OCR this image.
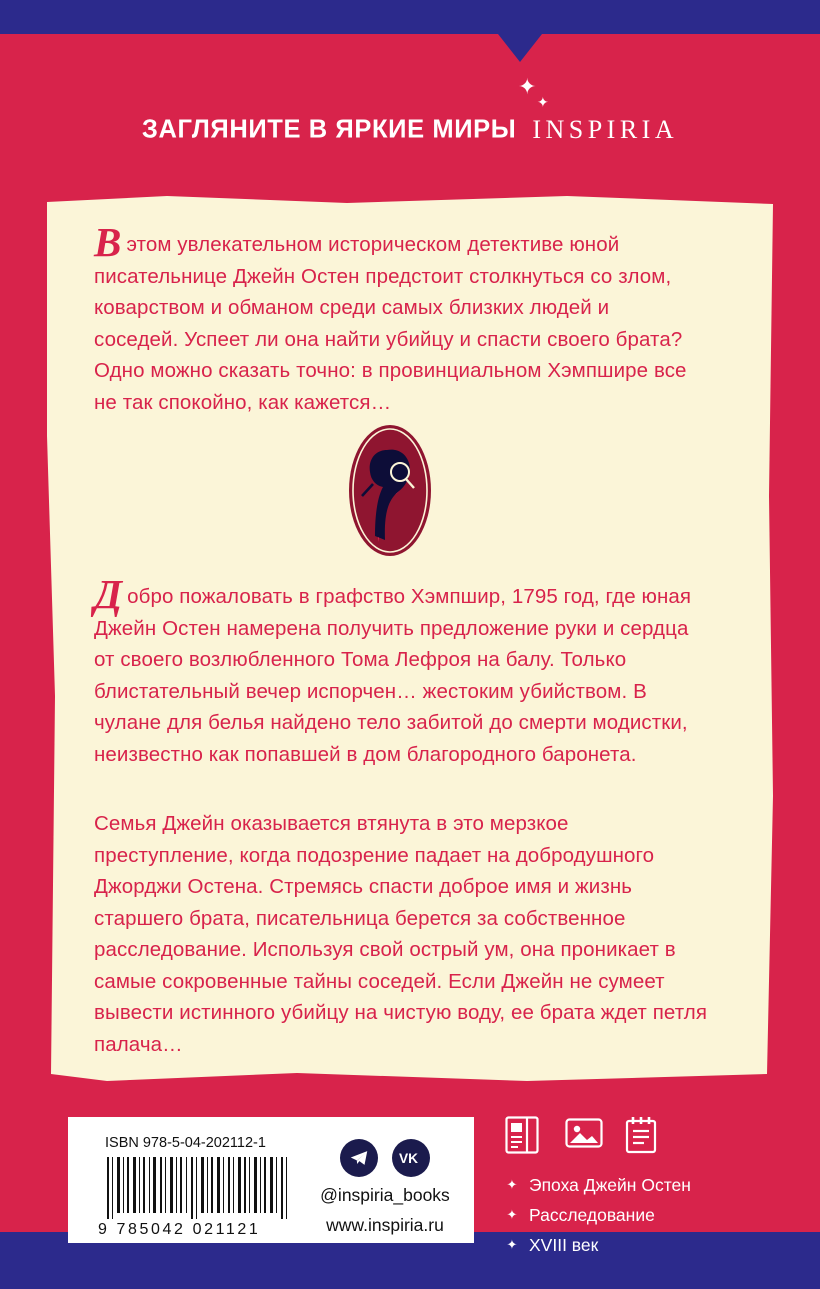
✦
✦
ЗАГЛЯНИТЕ В ЯРКИЕ МИРЫ INSPIRIA
В этом увлекательном историческом детективе юной писательнице Джейн Остен предстоит столкнуться со злом, коварством и обманом среди самых близких людей и соседей. Успеет ли она найти убийцу и спасти своего брата? Одно можно сказать точно: в провинциальном Хэмпшире все не так спокойно, как кажется…
Добро пожаловать в графство Хэмпшир, 1795 год, где юная Джейн Остен намерена получить предложение руки и сердца от своего возлюбленного Тома Лефроя на балу. Только блистательный вечер испорчен… жестоким убийством. В чулане для белья найдено тело забитой до смерти модистки, неизвестно как попавшей в дом благородного баронета.
Семья Джейн оказывается втянута в это мерзкое преступление, когда подозрение падает на добродушного Джорджи Остена. Стремясь спасти доброе имя и жизнь старшего брата, писательница берется за собственное расследование. Используя свой острый ум, она проникает в самые сокровенные тайны соседей. Если Джейн не сумеет вывести истинного убийцу на чистую воду, ее брата ждет петля палача…
ISBN 978-5-04-202112-1
9 785042 021121
VK
@inspiria_books
www.inspiria.ru
✦ Эпоха Джейн Остен
✦ Расследование
✦ XVIII век
